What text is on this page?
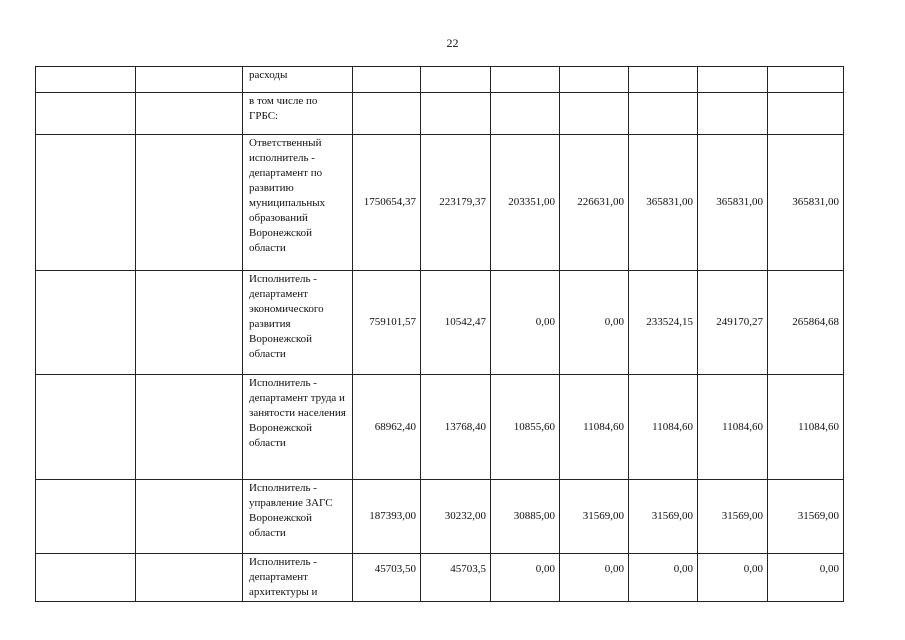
22
		расходы							
		в том числе по ГРБС:							
		Ответственный исполнитель - департамент по развитию муниципальных образований Воронежской области	1750654,37	223179,37	203351,00	226631,00	365831,00	365831,00	365831,00
		Исполнитель - департамент экономического развития Воронежской области	759101,57	10542,47	0,00	0,00	233524,15	249170,27	265864,68
		Исполнитель - департамент труда и занятости населения Воронежской области	68962,40	13768,40	10855,60	11084,60	11084,60	11084,60	11084,60
		Исполнитель - управление ЗАГС Воронежской области	187393,00	30232,00	30885,00	31569,00	31569,00	31569,00	31569,00
		Исполнитель - департамент архитектуры и	45703,50	45703,5	0,00	0,00	0,00	0,00	0,00
